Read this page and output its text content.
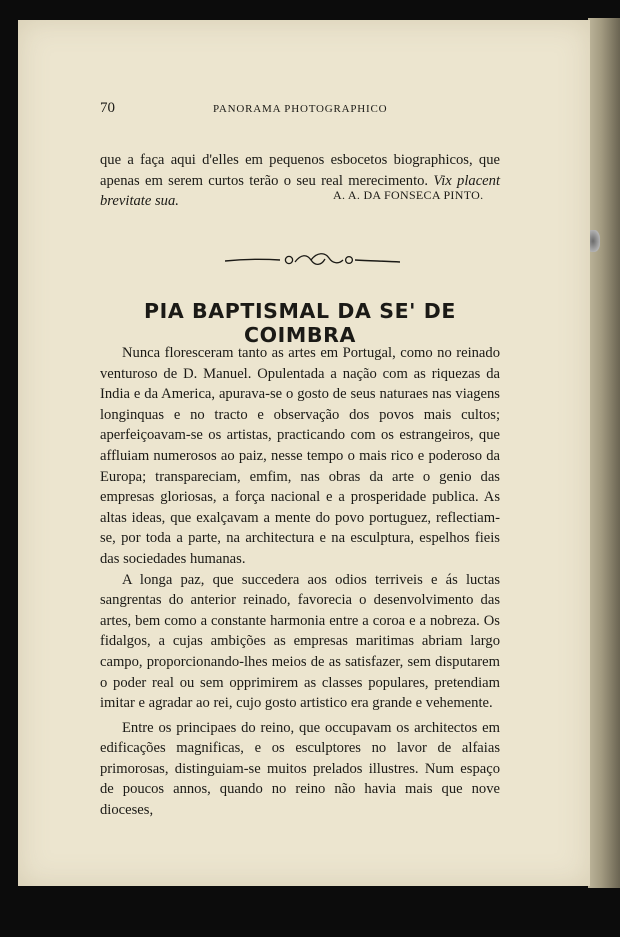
70	PANORAMA PHOTOGRAPHICO

que a faça aqui d'elles em pequenos esbocetos biographicos, que apenas em serem curtos terão o seu real merecimento. Vix placent brevitate sua.	A. A. DA FONSECA PINTO.
PIA BAPTISMAL DA SE' DE COIMBRA

Nunca floresceram tanto as artes em Portugal, como no reinado venturoso de D. Manuel. Opulentada a nação com as riquezas da India e da America, apurava-se o gosto de seus naturaes nas viagens longinquas e no tracto e observação dos povos mais cultos; aperfeiçoavam-se os artistas, practicando com os estrangeiros, que affluiam numerosos ao paiz, nesse tempo o mais rico e poderoso da Europa; transpareciam, emfim, nas obras da arte o genio das empresas gloriosas, a força nacional e a prosperidade publica. As altas ideas, que exalçavam a mente do povo portuguez, reflectiam-se, por toda a parte, na architectura e na esculptura, espelhos fieis das sociedades humanas.

A longa paz, que succedera aos odios terriveis e ás luctas sangrentas do anterior reinado, favorecia o desenvolvimento das artes, bem como a constante harmonia entre a coroa e a nobreza. Os fidalgos, a cujas ambições as empresas maritimas abriam largo campo, proporcionando-lhes meios de as satisfazer, sem disputarem o poder real ou sem opprimirem as classes populares, pretendiam imitar e agradar ao rei, cujo gosto artistico era grande e vehemente.

Entre os principaes do reino, que occupavam os architectos em edificações magnificas, e os esculptores no lavor de alfaias primorosas, distinguiam-se muitos prelados illustres. Num espaço de poucos annos, quando no reino não havia mais que nove dioceses,
